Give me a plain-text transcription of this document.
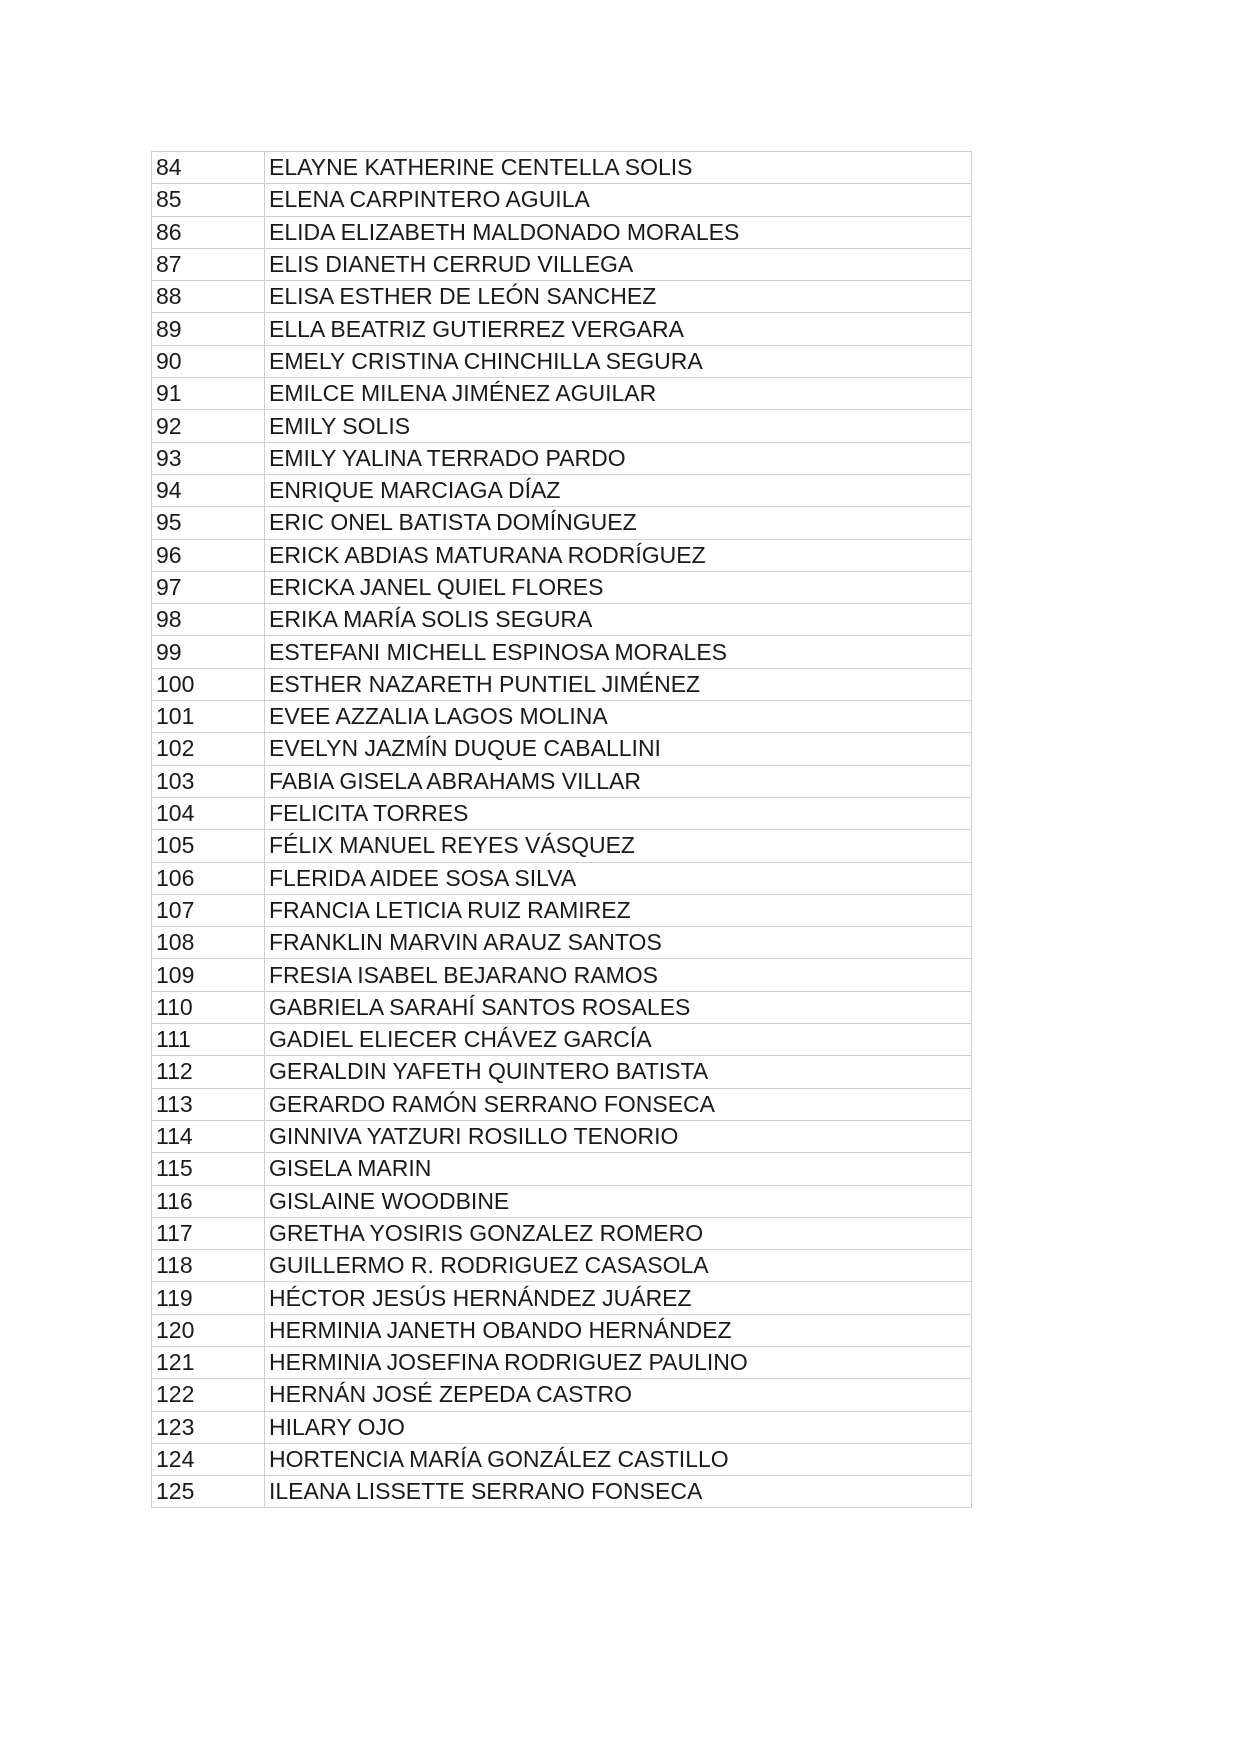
84	ELAYNE KATHERINE CENTELLA SOLIS
85	ELENA CARPINTERO AGUILA
86	ELIDA ELIZABETH MALDONADO MORALES
87	ELIS DIANETH CERRUD VILLEGA
88	ELISA ESTHER DE LEÓN SANCHEZ
89	ELLA BEATRIZ GUTIERREZ VERGARA
90	EMELY CRISTINA CHINCHILLA SEGURA
91	EMILCE MILENA JIMÉNEZ AGUILAR
92	EMILY SOLIS
93	EMILY YALINA TERRADO PARDO
94	ENRIQUE MARCIAGA DÍAZ
95	ERIC ONEL BATISTA DOMÍNGUEZ
96	ERICK ABDIAS MATURANA RODRÍGUEZ
97	ERICKA JANEL QUIEL FLORES
98	ERIKA MARÍA SOLIS SEGURA
99	ESTEFANI MICHELL ESPINOSA MORALES
100	ESTHER NAZARETH PUNTIEL JIMÉNEZ
101	EVEE AZZALIA LAGOS MOLINA
102	EVELYN JAZMÍN DUQUE CABALLINI
103	FABIA GISELA ABRAHAMS VILLAR
104	FELICITA TORRES
105	FÉLIX MANUEL REYES VÁSQUEZ
106	FLERIDA AIDEE SOSA SILVA
107	FRANCIA LETICIA RUIZ RAMIREZ
108	FRANKLIN MARVIN ARAUZ SANTOS
109	FRESIA ISABEL BEJARANO RAMOS
110	GABRIELA SARAHÍ SANTOS ROSALES
111	GADIEL ELIECER CHÁVEZ GARCÍA
112	GERALDIN YAFETH QUINTERO BATISTA
113	GERARDO RAMÓN SERRANO FONSECA
114	GINNIVA YATZURI ROSILLO TENORIO
115	GISELA MARIN
116	GISLAINE WOODBINE
117	GRETHA YOSIRIS GONZALEZ ROMERO
118	GUILLERMO R. RODRIGUEZ CASASOLA
119	HÉCTOR JESÚS HERNÁNDEZ JUÁREZ
120	HERMINIA JANETH OBANDO HERNÁNDEZ
121	HERMINIA JOSEFINA RODRIGUEZ PAULINO
122	HERNÁN JOSÉ ZEPEDA CASTRO
123	HILARY OJO
124	HORTENCIA MARÍA GONZÁLEZ CASTILLO
125	ILEANA LISSETTE SERRANO FONSECA
